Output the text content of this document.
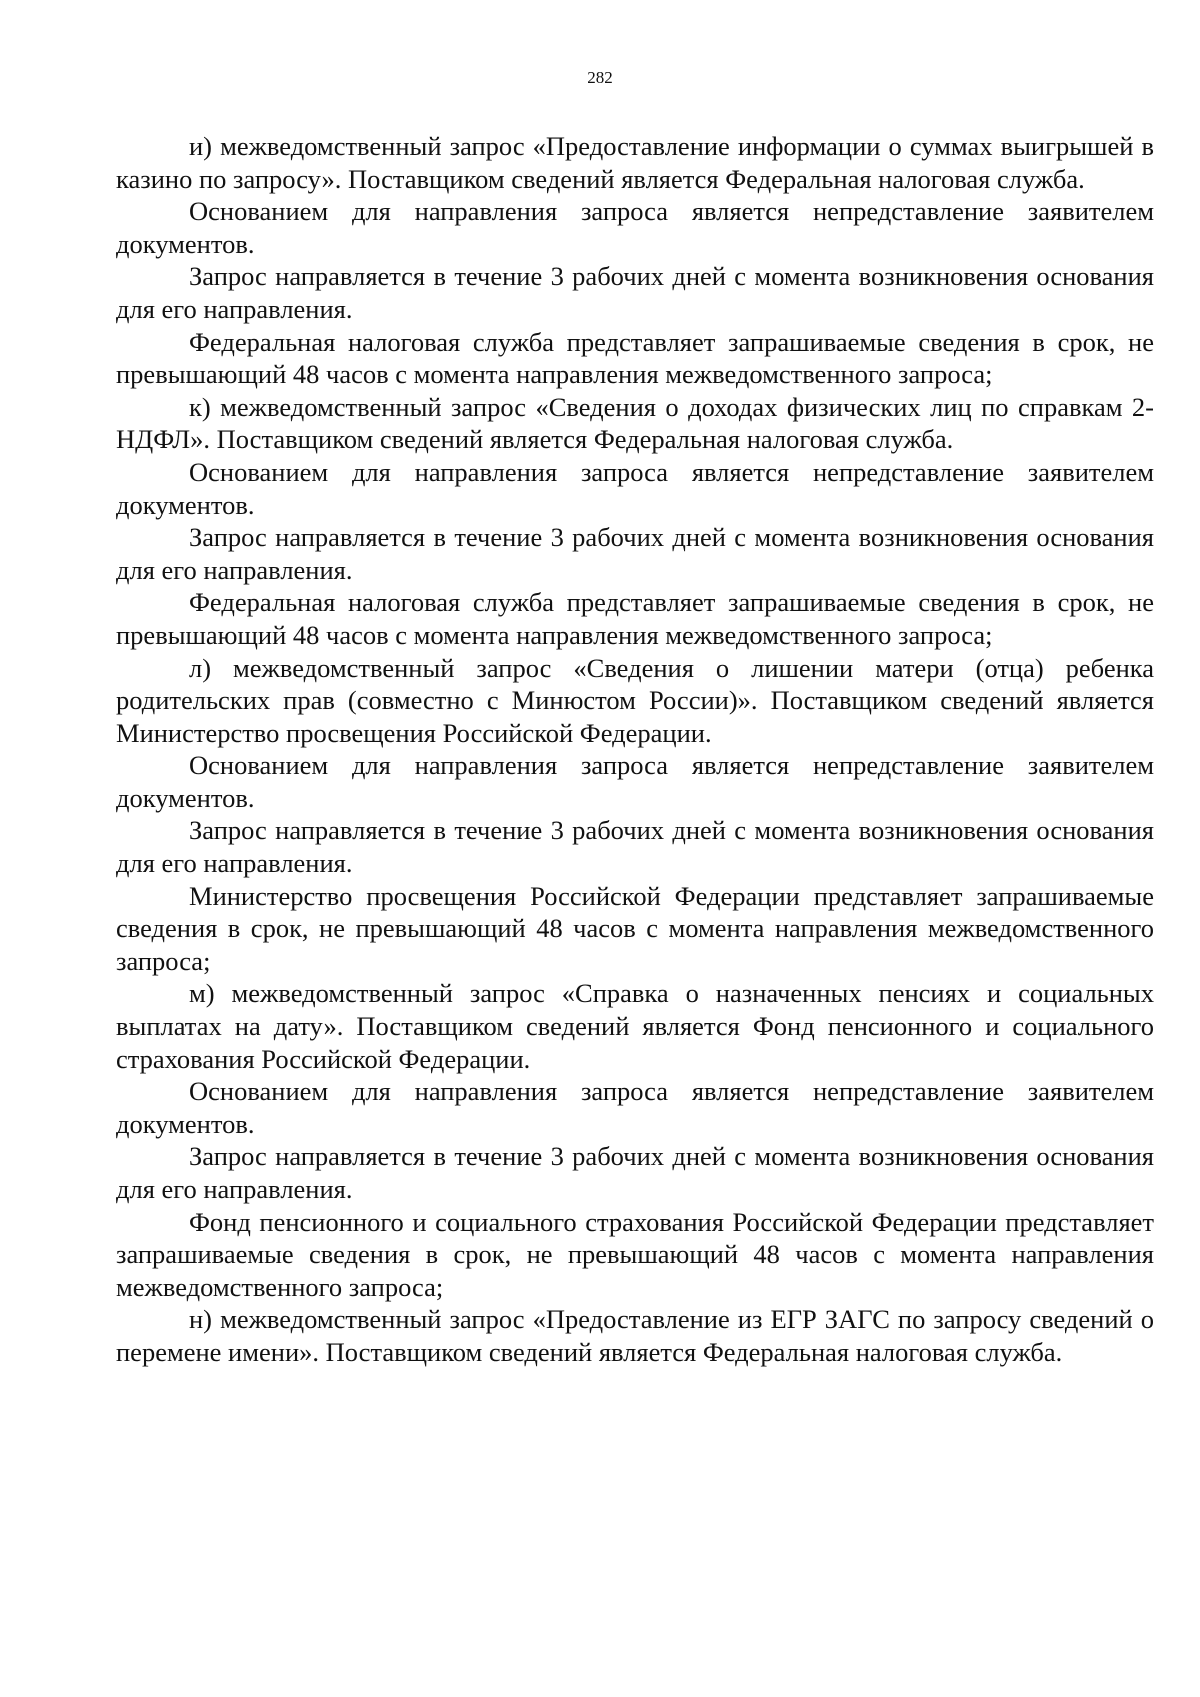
282

и) межведомственный запрос «Предоставление информации о суммах выигрышей в казино по запросу». Поставщиком сведений является Федеральная налоговая служба.

Основанием для направления запроса является непредставление заявителем документов.

Запрос направляется в течение 3 рабочих дней с момента возникновения основания для его направления.

Федеральная налоговая служба представляет запрашиваемые сведения в срок, не превышающий 48 часов с момента направления межведомственного запроса;

к) межведомственный запрос «Сведения о доходах физических лиц по справкам 2-НДФЛ». Поставщиком сведений является Федеральная налоговая служба.

Основанием для направления запроса является непредставление заявителем документов.

Запрос направляется в течение 3 рабочих дней с момента возникновения основания для его направления.

Федеральная налоговая служба представляет запрашиваемые сведения в срок, не превышающий 48 часов с момента направления межведомственного запроса;

л) межведомственный запрос «Сведения о лишении матери (отца) ребенка родительских прав (совместно с Минюстом России)». Поставщиком сведений является Министерство просвещения Российской Федерации.

Основанием для направления запроса является непредставление заявителем документов.

Запрос направляется в течение 3 рабочих дней с момента возникновения основания для его направления.

Министерство просвещения Российской Федерации представляет запрашиваемые сведения в срок, не превышающий 48 часов с момента направления межведомственного запроса;

м) межведомственный запрос «Справка о назначенных пенсиях и социальных выплатах на дату». Поставщиком сведений является Фонд пенсионного и социального страхования Российской Федерации.

Основанием для направления запроса является непредставление заявителем документов.

Запрос направляется в течение 3 рабочих дней с момента возникновения основания для его направления.

Фонд пенсионного и социального страхования Российской Федерации представляет запрашиваемые сведения в срок, не превышающий 48 часов с момента направления межведомственного запроса;

н) межведомственный запрос «Предоставление из ЕГР ЗАГС по запросу сведений о перемене имени». Поставщиком сведений является Федеральная налоговая служба.
